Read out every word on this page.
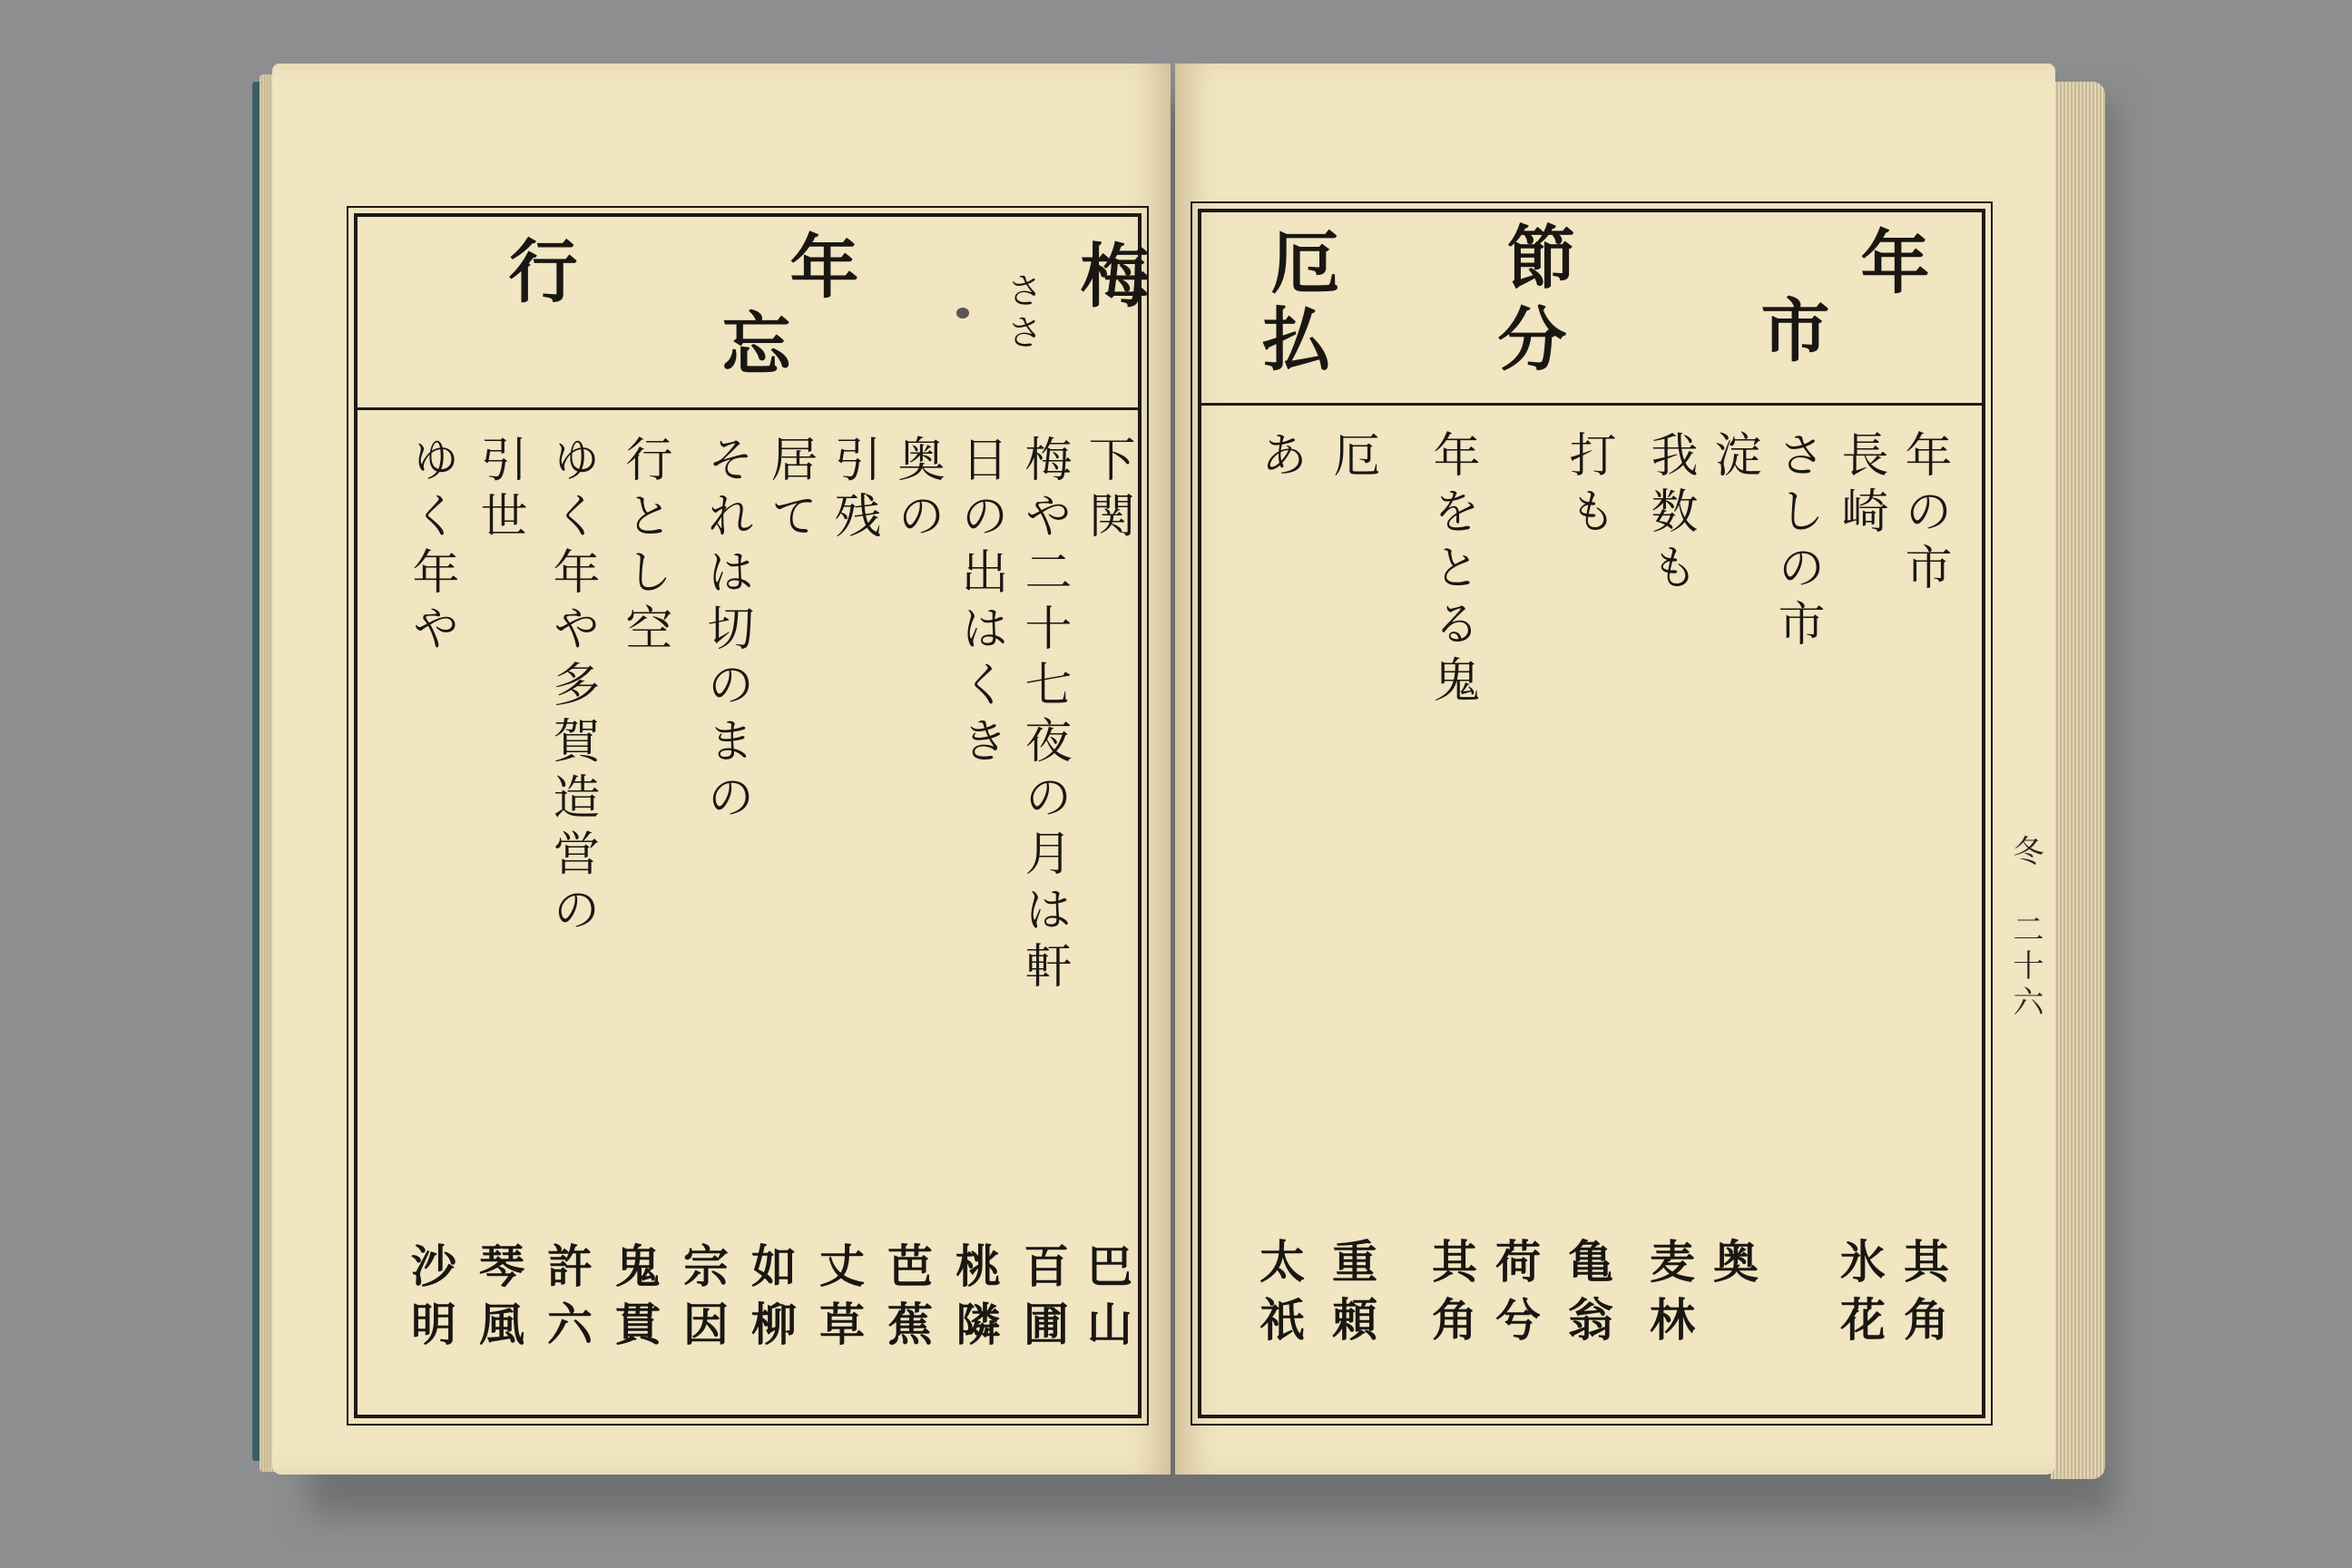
梅
ささ
年
忘
行
下関
梅や二十七夜の月は軒
日の出はくき
奥の
引残
居て
それは切のまの
行とし空
ゆく年や多賀造営の
引世
ゆく年や
巴山
百圃
桃隣
芭蕉
丈草
如柳
宗因
鬼貫
許六
琴風
沙明
年
市
節
分
厄
払
年の市
長崎
さしの市
淀
我数も
打も
年をとる鬼
厄
あ
其角
氷花
奥
麦林
亀翁
荷兮
其角
重頼
太祇
冬 二十六
